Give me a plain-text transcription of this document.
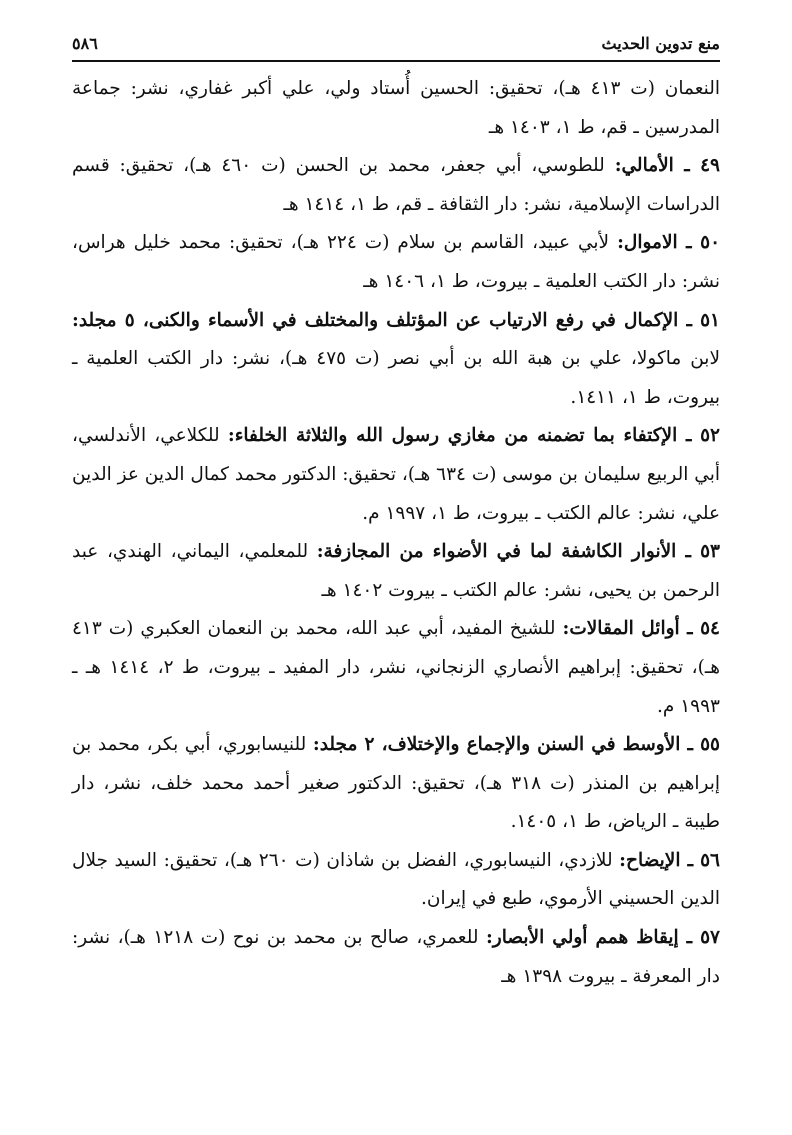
منع تدوين الحديث
٥٨٦

النعمان (ت ٤١٣ هـ)، تحقيق: الحسين أُستاد ولي، علي أكبر غفاري، نشر: جماعة المدرسين ـ قم، ط ١، ١٤٠٣ هـ

٤٩ ـ الأمالي: للطوسي، أبي جعفر، محمد بن الحسن (ت ٤٦٠ هـ)، تحقيق: قسم الدراسات الإسلامية، نشر: دار الثقافة ـ قم، ط ١، ١٤١٤ هـ

٥٠ ـ الاموال: لأبي عبيد، القاسم بن سلام (ت ٢٢٤ هـ)، تحقيق: محمد خليل هراس، نشر: دار الكتب العلمية ـ بيروت، ط ١، ١٤٠٦ هـ

٥١ ـ الإكمال في رفع الارتياب عن المؤتلف والمختلف في الأسماء والكنى، ٥ مجلد: لابن ماكولا، علي بن هبة الله بن أبي نصر (ت ٤٧٥ هـ)، نشر: دار الكتب العلمية ـ بيروت، ط ١، ١٤١١.

٥٢ ـ الإكتفاء بما تضمنه من مغازي رسول الله والثلاثة الخلفاء: للكلاعي، الأندلسي، أبي الربيع سليمان بن موسى (ت ٦٣٤ هـ)، تحقيق: الدكتور محمد كمال الدين عز الدين علي، نشر: عالم الكتب ـ بيروت، ط ١، ١٩٩٧ م.

٥٣ ـ الأنوار الكاشفة لما في الأضواء من المجازفة: للمعلمي، اليماني، الهندي، عبد الرحمن بن يحيى، نشر: عالم الكتب ـ بيروت ١٤٠٢ هـ

٥٤ ـ أوائل المقالات: للشيخ المفيد، أبي عبد الله، محمد بن النعمان العكبري (ت ٤١٣ هـ)، تحقيق: إبراهيم الأنصاري الزنجاني، نشر، دار المفيد ـ بيروت، ط ٢، ١٤١٤ هـ ـ ١٩٩٣ م.

٥٥ ـ الأوسط في السنن والإجماع والإختلاف، ٢ مجلد: للنيسابوري، أبي بكر، محمد بن إبراهيم بن المنذر (ت ٣١٨ هـ)، تحقيق: الدكتور صغير أحمد محمد خلف، نشر، دار طيبة ـ الرياض، ط ١، ١٤٠٥.

٥٦ ـ الإيضاح: للازدي، النيسابوري، الفضل بن شاذان (ت ٢٦٠ هـ)، تحقيق: السيد جلال الدين الحسيني الأرموي، طبع في إيران.

٥٧ ـ إيقاظ همم أولي الأبصار: للعمري، صالح بن محمد بن نوح (ت ١٢١٨ هـ)، نشر: دار المعرفة ـ بيروت ١٣٩٨ هـ
